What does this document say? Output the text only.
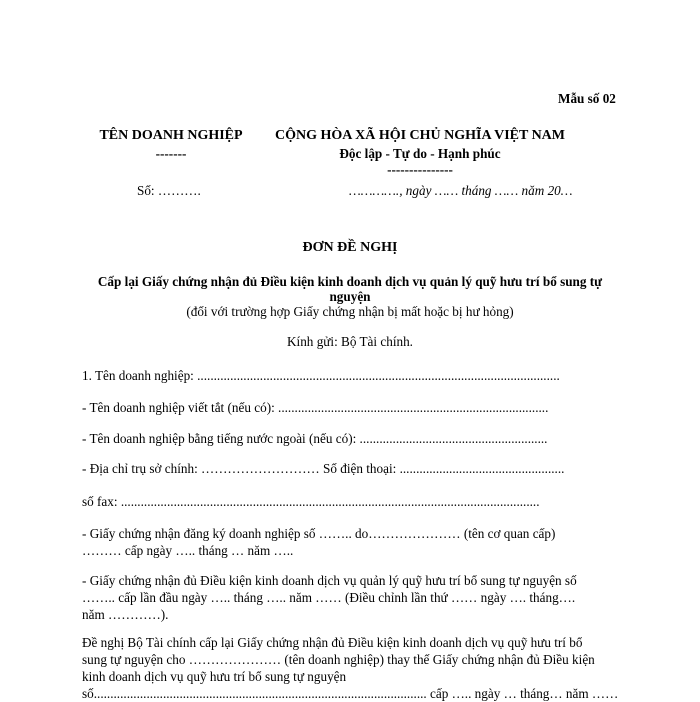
Mẫu số 02
TÊN DOANH NGHIỆP
-------
CỘNG HÒA XÃ HỘI CHỦ NGHĨA VIỆT NAM
Độc lập - Tự do - Hạnh phúc
---------------
Số: ……….	…………., ngày …… tháng …… năm 20…
ĐƠN ĐỀ NGHỊ
Cấp lại Giấy chứng nhận đủ Điều kiện kinh doanh dịch vụ quản lý quỹ hưu trí bổ sung tự
nguyện
(đối với trường hợp Giấy chứng nhận bị mất hoặc bị hư hỏng)
Kính gửi: Bộ Tài chính.
1. Tên doanh nghiệp: ..............................................................................................................
- Tên doanh nghiệp viết tắt (nếu có): ..................................................................................
- Tên doanh nghiệp bằng tiếng nước ngoài (nếu có): .........................................................
- Địa chỉ trụ sở chính: ……………………… Số điện thoại: ..................................................
số fax: ...............................................................................................................................
- Giấy chứng nhận đăng ký doanh nghiệp số …….. do………………… (tên cơ quan cấp)
……… cấp ngày ….. tháng … năm …..
- Giấy chứng nhận đủ Điều kiện kinh doanh dịch vụ quản lý quỹ hưu trí bổ sung tự nguyện số
…….. cấp lần đầu ngày ….. tháng ….. năm …… (Điều chỉnh lần thứ …… ngày …. tháng….
năm …………).
Đề nghị Bộ Tài chính cấp lại Giấy chứng nhận đủ Điều kiện kinh doanh dịch vụ quỹ hưu trí bổ
sung tự nguyện cho ………………… (tên doanh nghiệp) thay thế Giấy chứng nhận đủ Điều kiện
kinh doanh dịch vụ quỹ hưu trí bổ sung tự nguyện
số..................................................................................................... cấp ….. ngày … tháng… năm ……
